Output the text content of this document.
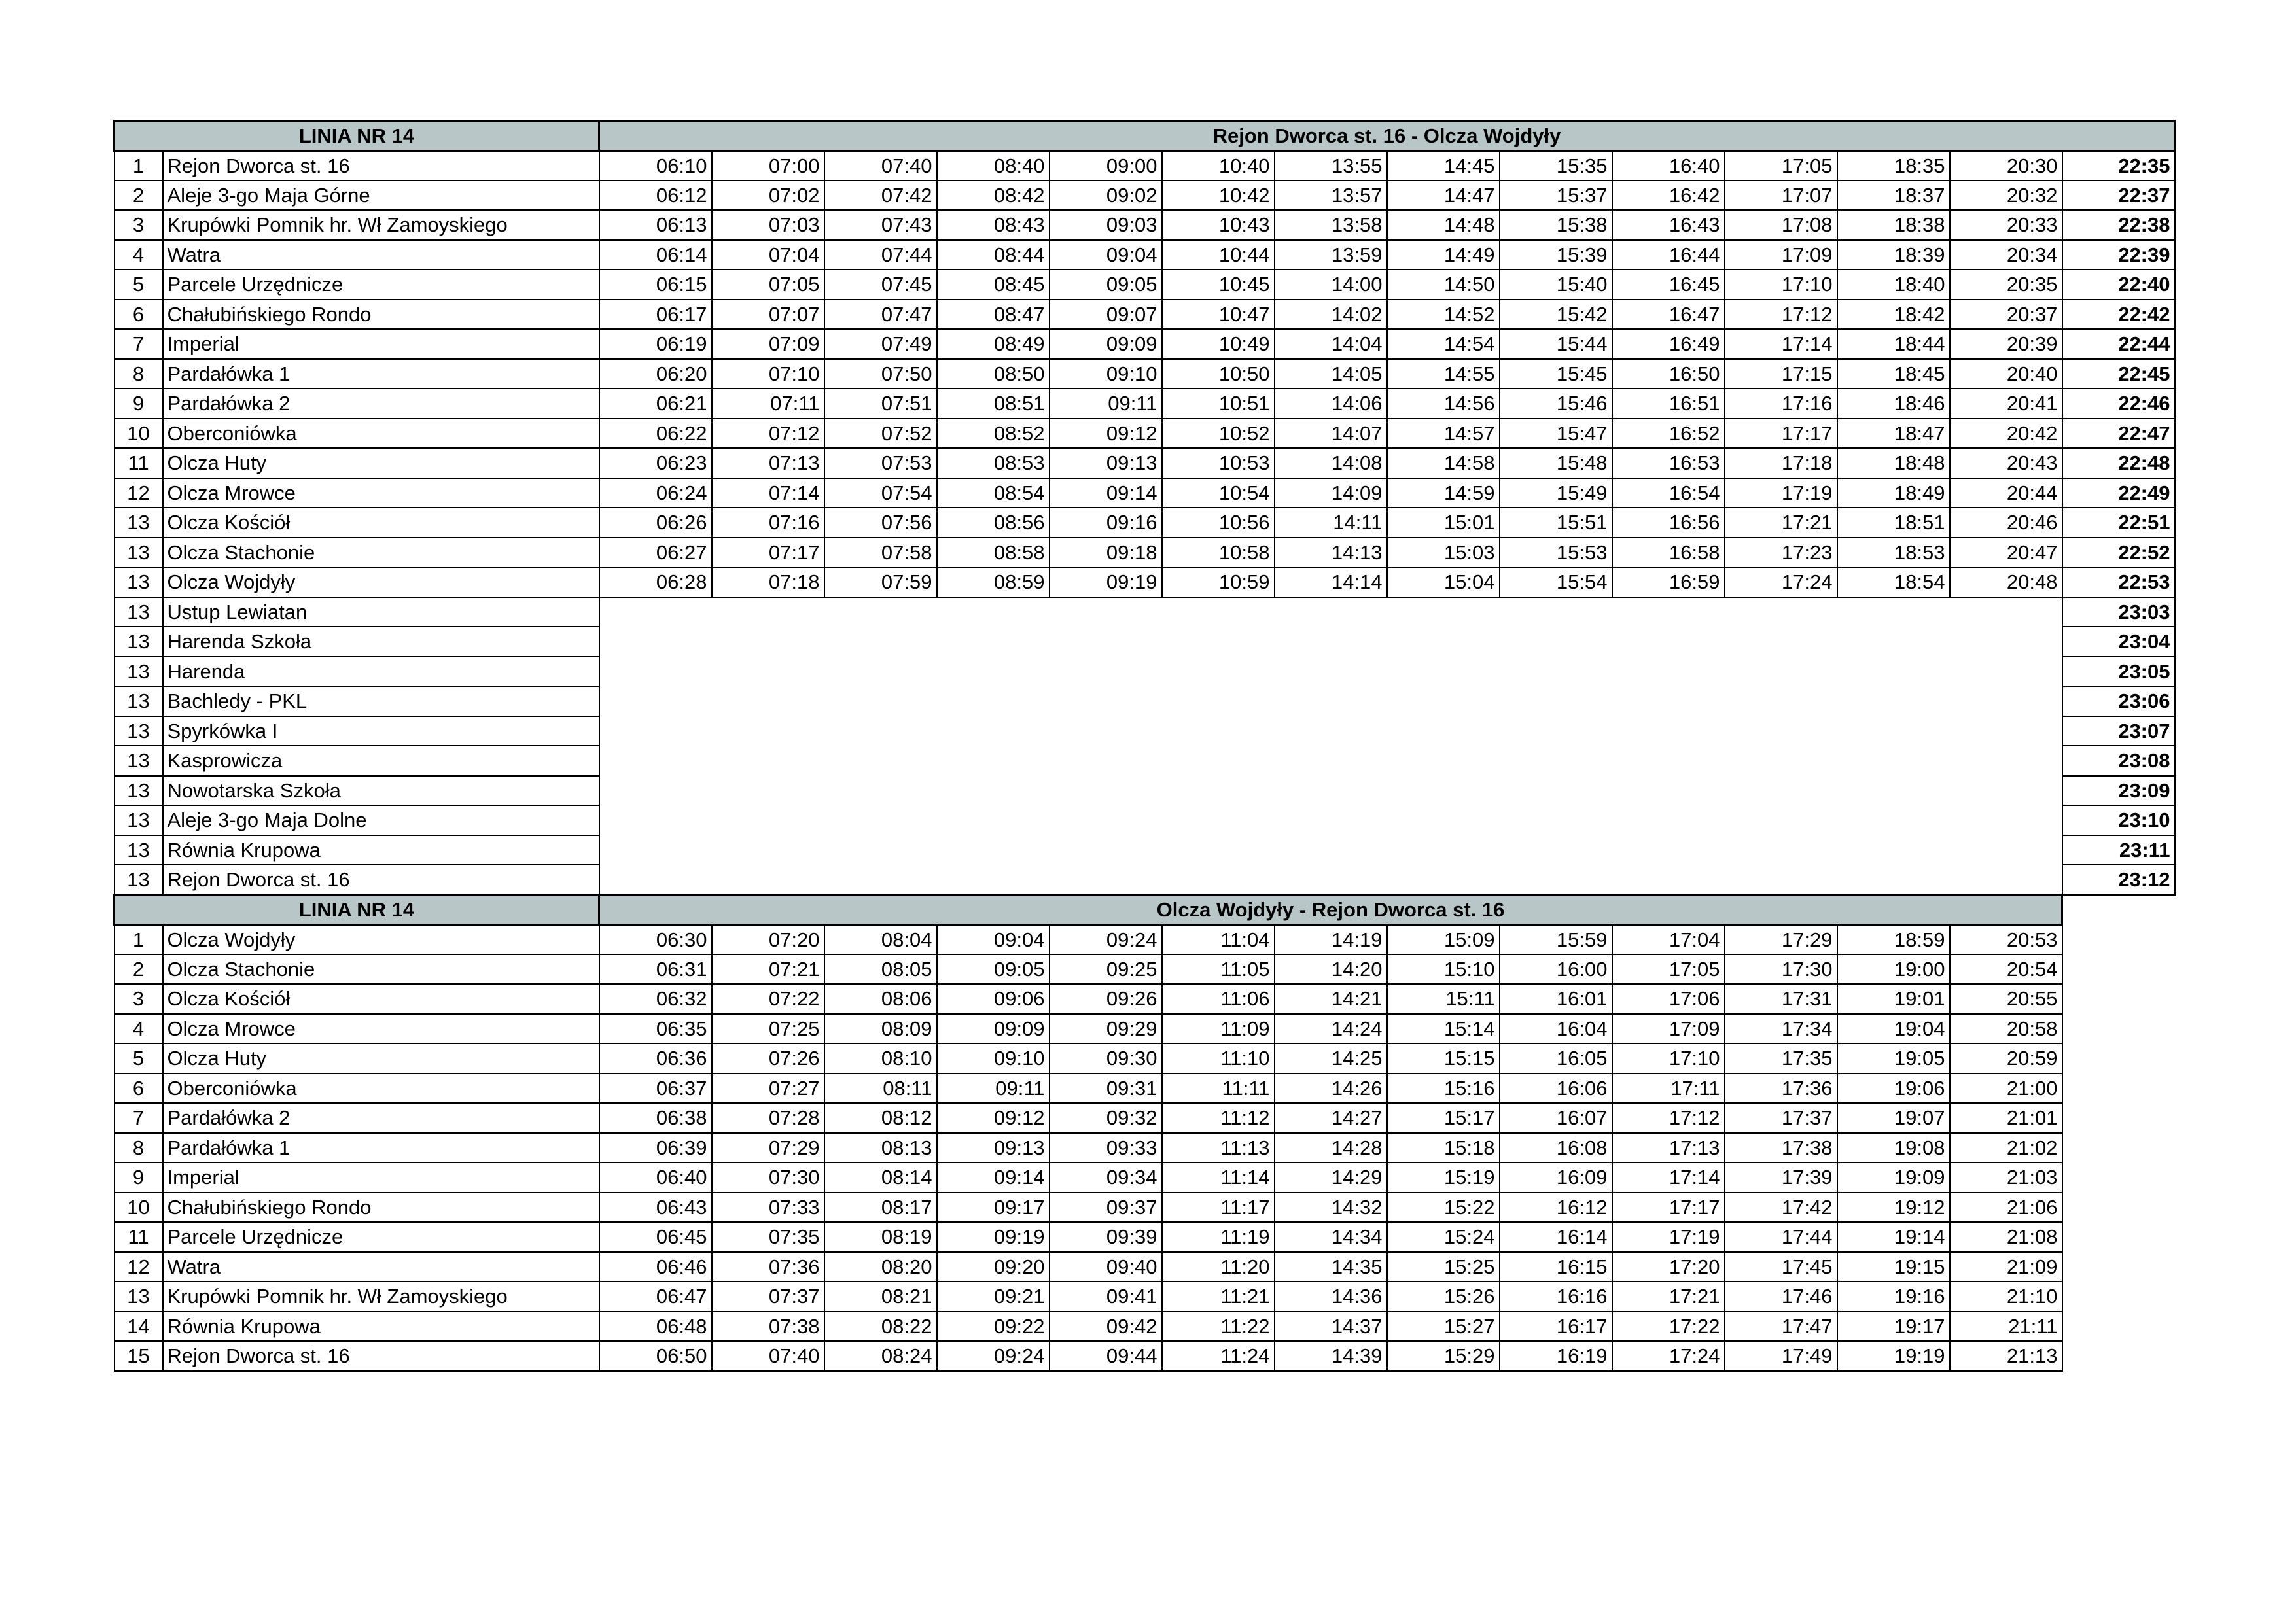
LINIA NR 14		Rejon Dworca st. 16 - Olcza Wojdyły													
1	Rejon Dworca st. 16	06:10	07:00	07:40	08:40	09:00	10:40	13:55	14:45	15:35	16:40	17:05	18:35	20:30	22:35
2	Aleje 3-go Maja Górne	06:12	07:02	07:42	08:42	09:02	10:42	13:57	14:47	15:37	16:42	17:07	18:37	20:32	22:37
3	Krupówki Pomnik hr. Wł Zamoyskiego	06:13	07:03	07:43	08:43	09:03	10:43	13:58	14:48	15:38	16:43	17:08	18:38	20:33	22:38
4	Watra	06:14	07:04	07:44	08:44	09:04	10:44	13:59	14:49	15:39	16:44	17:09	18:39	20:34	22:39
5	Parcele Urzędnicze	06:15	07:05	07:45	08:45	09:05	10:45	14:00	14:50	15:40	16:45	17:10	18:40	20:35	22:40
6	Chałubińskiego Rondo	06:17	07:07	07:47	08:47	09:07	10:47	14:02	14:52	15:42	16:47	17:12	18:42	20:37	22:42
7	Imperial	06:19	07:09	07:49	08:49	09:09	10:49	14:04	14:54	15:44	16:49	17:14	18:44	20:39	22:44
8	Pardałówka 1	06:20	07:10	07:50	08:50	09:10	10:50	14:05	14:55	15:45	16:50	17:15	18:45	20:40	22:45
9	Pardałówka 2	06:21	07:11	07:51	08:51	09:11	10:51	14:06	14:56	15:46	16:51	17:16	18:46	20:41	22:46
10	Oberconiówka	06:22	07:12	07:52	08:52	09:12	10:52	14:07	14:57	15:47	16:52	17:17	18:47	20:42	22:47
11	Olcza Huty	06:23	07:13	07:53	08:53	09:13	10:53	14:08	14:58	15:48	16:53	17:18	18:48	20:43	22:48
12	Olcza Mrowce	06:24	07:14	07:54	08:54	09:14	10:54	14:09	14:59	15:49	16:54	17:19	18:49	20:44	22:49
13	Olcza Kościół	06:26	07:16	07:56	08:56	09:16	10:56	14:11	15:01	15:51	16:56	17:21	18:51	20:46	22:51
13	Olcza Stachonie	06:27	07:17	07:58	08:58	09:18	10:58	14:13	15:03	15:53	16:58	17:23	18:53	20:47	22:52
13	Olcza Wojdyły	06:28	07:18	07:59	08:59	09:19	10:59	14:14	15:04	15:54	16:59	17:24	18:54	20:48	22:53
13	Ustup Lewiatan														23:03
13	Harenda Szkoła														23:04
13	Harenda														23:05
13	Bachledy - PKL														23:06
13	Spyrkówka I														23:07
13	Kasprowicza														23:08
13	Nowotarska Szkoła														23:09
13	Aleje 3-go Maja Dolne														23:10
13	Równia Krupowa														23:11
13	Rejon Dworca st. 16														23:12
LINIA NR 14		Olcza Wojdyły - Rejon Dworca st. 16													
1	Olcza Wojdyły	06:30	07:20	08:04	09:04	09:24	11:04	14:19	15:09	15:59	17:04	17:29	18:59	20:53	
2	Olcza Stachonie	06:31	07:21	08:05	09:05	09:25	11:05	14:20	15:10	16:00	17:05	17:30	19:00	20:54	
3	Olcza Kościół	06:32	07:22	08:06	09:06	09:26	11:06	14:21	15:11	16:01	17:06	17:31	19:01	20:55	
4	Olcza Mrowce	06:35	07:25	08:09	09:09	09:29	11:09	14:24	15:14	16:04	17:09	17:34	19:04	20:58	
5	Olcza Huty	06:36	07:26	08:10	09:10	09:30	11:10	14:25	15:15	16:05	17:10	17:35	19:05	20:59	
6	Oberconiówka	06:37	07:27	08:11	09:11	09:31	11:11	14:26	15:16	16:06	17:11	17:36	19:06	21:00	
7	Pardałówka 2	06:38	07:28	08:12	09:12	09:32	11:12	14:27	15:17	16:07	17:12	17:37	19:07	21:01	
8	Pardałówka 1	06:39	07:29	08:13	09:13	09:33	11:13	14:28	15:18	16:08	17:13	17:38	19:08	21:02	
9	Imperial	06:40	07:30	08:14	09:14	09:34	11:14	14:29	15:19	16:09	17:14	17:39	19:09	21:03	
10	Chałubińskiego Rondo	06:43	07:33	08:17	09:17	09:37	11:17	14:32	15:22	16:12	17:17	17:42	19:12	21:06	
11	Parcele Urzędnicze	06:45	07:35	08:19	09:19	09:39	11:19	14:34	15:24	16:14	17:19	17:44	19:14	21:08	
12	Watra	06:46	07:36	08:20	09:20	09:40	11:20	14:35	15:25	16:15	17:20	17:45	19:15	21:09	
13	Krupówki Pomnik hr. Wł Zamoyskiego	06:47	07:37	08:21	09:21	09:41	11:21	14:36	15:26	16:16	17:21	17:46	19:16	21:10	
14	Równia Krupowa	06:48	07:38	08:22	09:22	09:42	11:22	14:37	15:27	16:17	17:22	17:47	19:17	21:11	
15	Rejon Dworca st. 16	06:50	07:40	08:24	09:24	09:44	11:24	14:39	15:29	16:19	17:24	17:49	19:19	21:13	
